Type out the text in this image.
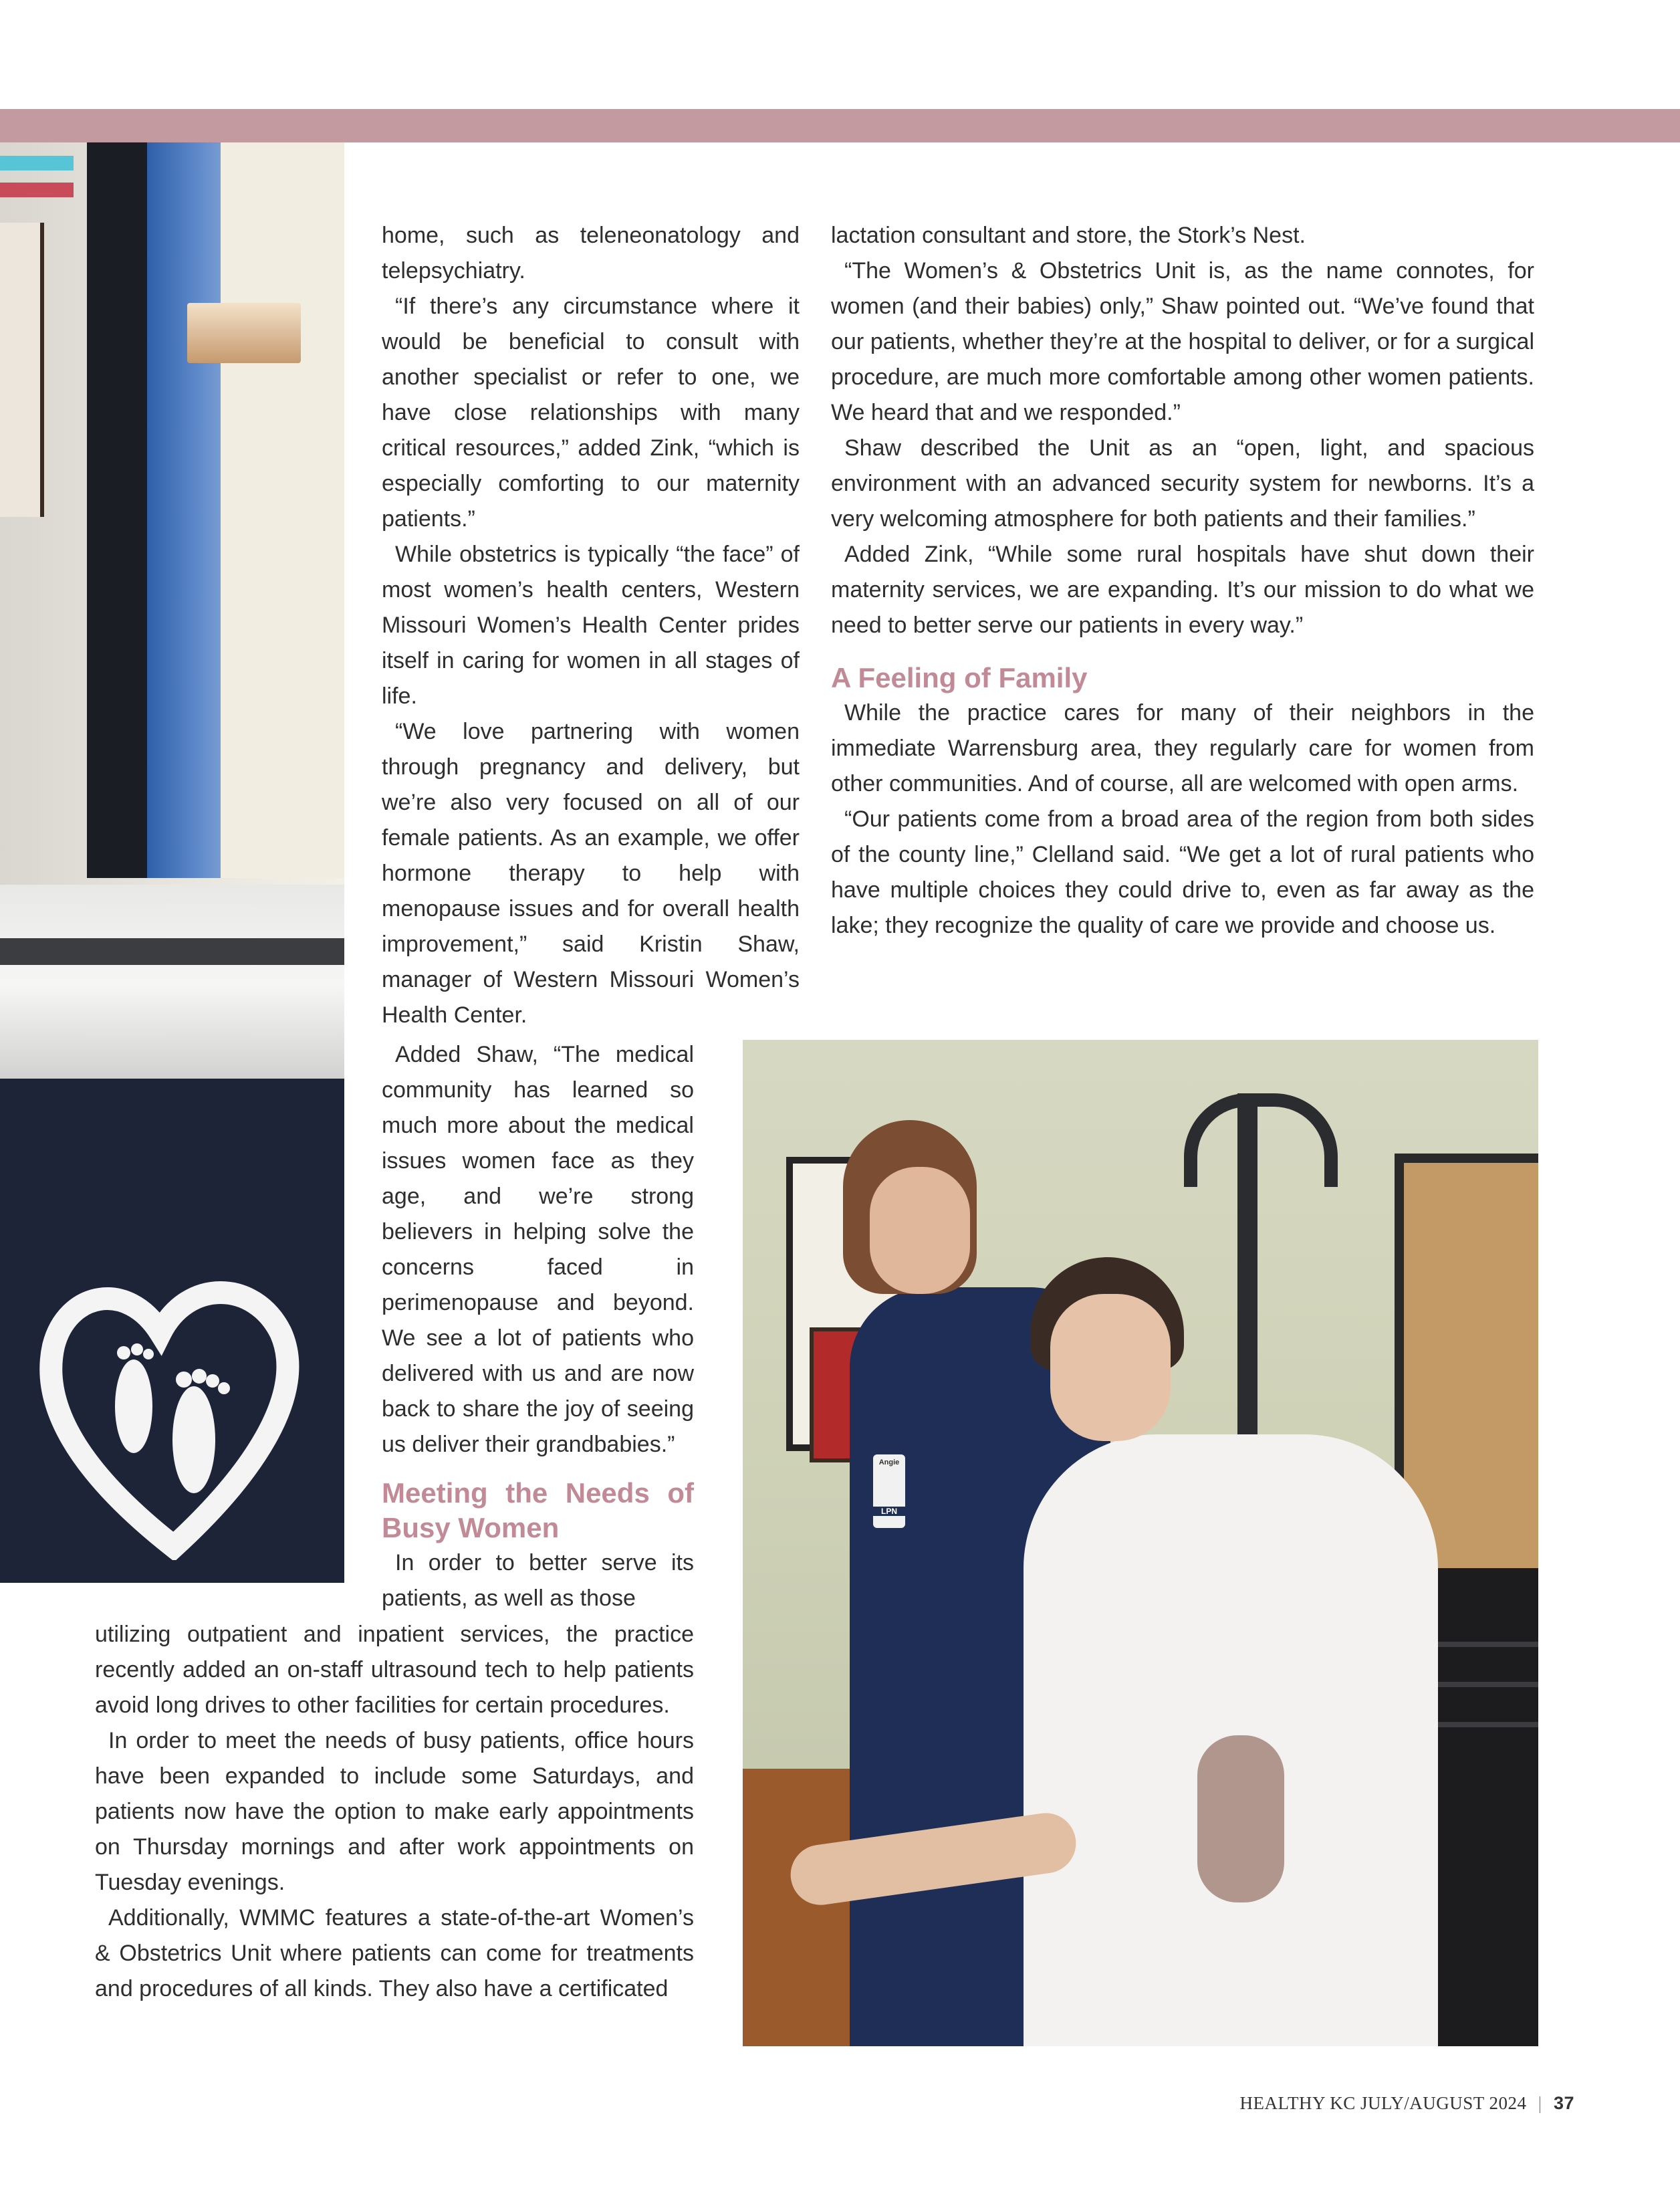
home, such as teleneonatology and telepsychiatry.

“If there’s any circumstance where it would be beneficial to consult with another specialist or refer to one, we have close relationships with many critical resources,” added Zink, “which is especially comforting to our maternity patients.”

While obstetrics is typically “the face” of most women’s health centers, Western Missouri Women’s Health Center prides itself in caring for women in all stages of life.

“We love partnering with women through pregnancy and delivery, but we’re also very focused on all of our female patients. As an example, we offer hormone therapy to help with menopause issues and for overall health improvement,” said Kristin Shaw, manager of Western Missouri Women’s Health Center.

Added Shaw, “The medical community has learned so much more about the medical issues women face as they age, and we’re strong believers in helping solve the concerns faced in perimenopause and beyond. We see a lot of patients who delivered with us and are now back to share the joy of seeing us deliver their grandbabies.”

Meeting the Needs of Busy Women

In order to better serve its patients, as well as those

utilizing outpatient and inpatient services, the practice recently added an on-staff ultrasound tech to help patients avoid long drives to other facilities for certain procedures.

In order to meet the needs of busy patients, office hours have been expanded to include some Saturdays, and patients now have the option to make early appointments on Thursday mornings and after work appointments on Tuesday evenings.

Additionally, WMMC features a state-of-the-art Women’s & Obstetrics Unit where patients can come for treatments and procedures of all kinds. They also have a certificated

lactation consultant and store, the Stork’s Nest.

“The Women’s & Obstetrics Unit is, as the name connotes, for women (and their babies) only,” Shaw pointed out. “We’ve found that our patients, whether they’re at the hospital to deliver, or for a surgical procedure, are much more comfortable among other women patients. We heard that and we responded.”

Shaw described the Unit as an “open, light, and spacious environment with an advanced security system for newborns. It’s a very welcoming atmosphere for both patients and their families.”

Added Zink, “While some rural hospitals have shut down their maternity services, we are expanding. It’s our mission to do what we need to better serve our patients in every way.”

A Feeling of Family

While the practice cares for many of their neighbors in the immediate Warrensburg area, they regularly care for women from other communities. And of course, all are welcomed with open arms.

“Our patients come from a broad area of the region from both sides of the county line,” Clelland said. “We get a lot of rural patients who have multiple choices they could drive to, even as far away as the lake; they recognize the quality of care we provide and choose us.

Angie
LPN
HEALTHY KC JULY/AUGUST 2024 | 37
